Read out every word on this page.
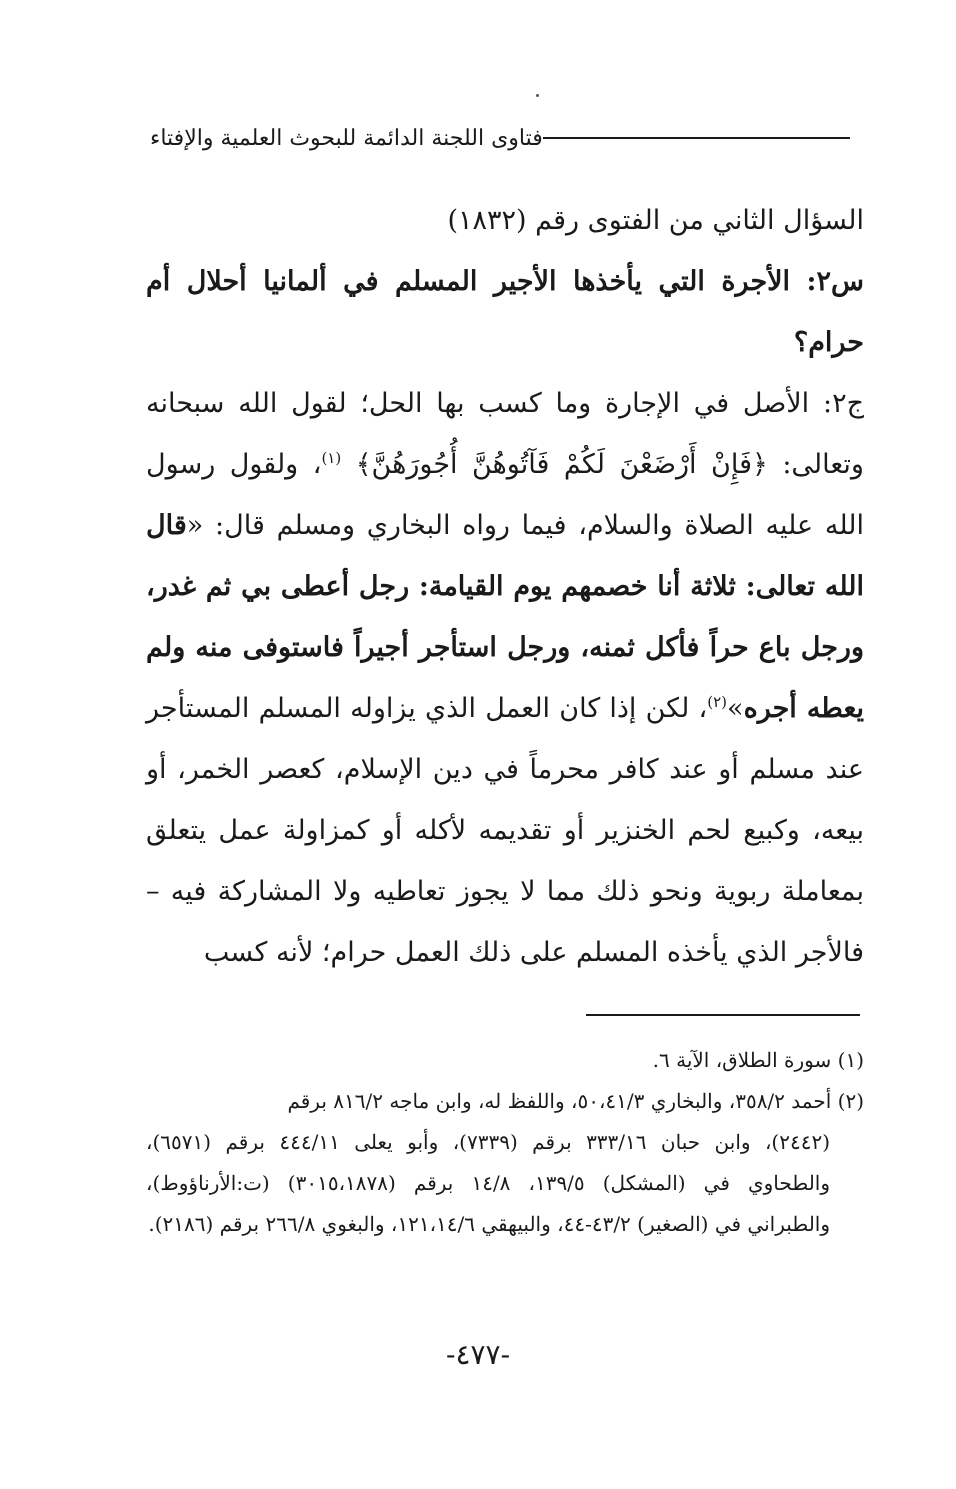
فتاوى اللجنة الدائمة للبحوث العلمية والإفتاء

السؤال الثاني من الفتوى رقم (١٨٣٢)

س٢: الأجرة التي يأخذها الأجير المسلم في ألمانيا أحلال أم حرام؟

ج٢: الأصل في الإجارة وما كسب بها الحل؛ لقول الله سبحانه وتعالى: ﴿فَإِنْ أَرْضَعْنَ لَكُمْ فَآتُوهُنَّ أُجُورَهُنَّ﴾ $^{(١)}$، ولقول رسول الله عليه الصلاة والسلام، فيما رواه البخاري ومسلم قال: «قال الله تعالى: ثلاثة أنا خصمهم يوم القيامة: رجل أعطى بي ثم غدر، ورجل باع حراً فأكل ثمنه، ورجل استأجر أجيراً فاستوفى منه ولم يعطه أجره»$^{(٢)}$، لكن إذا كان العمل الذي يزاوله المسلم المستأجر عند مسلم أو عند كافر محرماً في دين الإسلام، كعصر الخمر، أو بيعه، وكبيع لحم الخنزير أو تقديمه لأكله أو كمزاولة عمل يتعلق بمعاملة ربوية ونحو ذلك مما لا يجوز تعاطيه ولا المشاركة فيه – فالأجر الذي يأخذه المسلم على ذلك العمل حرام؛ لأنه كسب

(١) سورة الطلاق، الآية ٦.

(٢) أحمد ٣٥٨/٢، والبخاري ٥٠،٤١/٣، واللفظ له، وابن ماجه ٨١٦/٢ برقم
(٢٤٤٢)، وابن حبان ٣٣٣/١٦ برقم (٧٣٣٩)، وأبو يعلى ٤٤٤/١١ برقم (٦٥٧١)، والطحاوي في (المشكل) ١٣٩/٥، ١٤/٨ برقم (٣٠١٥،١٨٧٨) (ت:الأرناؤوط)، والطبراني في (الصغير) ٤٣/٢-٤٤، والبيهقي ١٢١،١٤/٦، والبغوي ٢٦٦/٨ برقم (٢١٨٦).

-٤٧٧-
